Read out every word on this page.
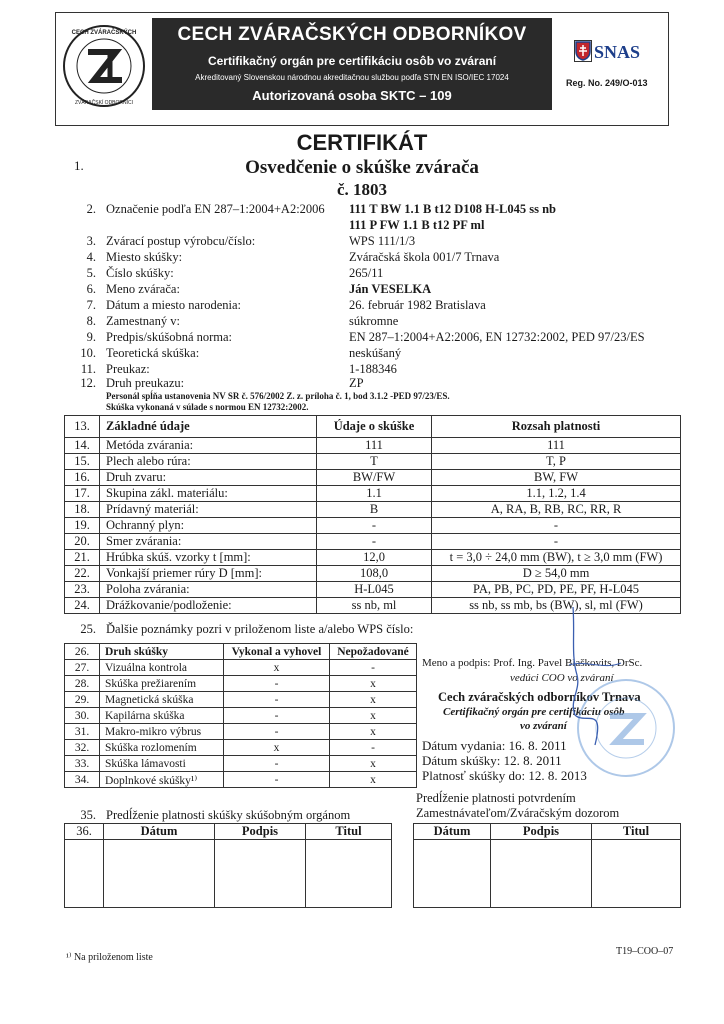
CECH ZVÁRAČSKÝCH
ZVÁRAČSKÍ ODBORNÍCI
CECH ZVÁRAČSKÝCH ODBORNÍKOV
Certifikačný orgán pre certifikáciu osôb vo zváraní
Akreditovaný Slovenskou národnou akreditačnou službou podľa STN EN ISO/IEC 17024
Autorizovaná osoba SKTC – 109
SNAS
Reg. No. 249/O-013
CERTIFIKÁT
1.	Osvedčenie o skúške zvárača
č. 1803
2. Označenie podľa EN 287–1:2004+A2:2006 111 T BW 1.1 B t12 D108 H-L045 ss nb
111 P FW 1.1 B t12 PF ml
3. Zvárací postup výrobcu/číslo:	WPS 111/1/3
4. Miesto skúšky:	Zváračská škola 001/7 Trnava
5. Číslo skúšky:	265/11
6. Meno zvárača:	Ján VESELKA
7. Dátum a miesto narodenia:	26. február 1982 Bratislava
8. Zamestnaný v:	súkromne
9. Predpis/skúšobná norma:	EN 287–1:2004+A2:2006, EN 12732:2002, PED 97/23/ES
10. Teoretická skúška:	neskúšaný
11. Preukaz:	1-188346
12. Druh preukazu:	ZP
Personál spĺňa ustanovenia NV SR č. 576/2002 Z. z. príloha č. 1, bod 3.1.2 -PED 97/23/ES.
Skúška vykonaná v súlade s normou EN 12732:2002.
13.	Základné údaje	Údaje o skúške	Rozsah platnosti
14.	Metóda zvárania:	111	111
15.	Plech alebo rúra:	T	T, P
16.	Druh zvaru:	BW/FW	BW, FW
17.	Skupina zákl. materiálu:	1.1	1.1, 1.2, 1.4
18.	Prídavný materiál:	B	A, RA, B, RB, RC, RR, R
19.	Ochranný plyn:	-	-
20.	Smer zvárania:	-	-
21.	Hrúbka skúš. vzorky t [mm]:	12,0	t = 3,0 ÷ 24,0 mm (BW), t ≥ 3,0 mm (FW)
22.	Vonkajší priemer rúry D [mm]:	108,0	D ≥ 54,0 mm
23.	Poloha zvárania:	H-L045	PA, PB, PC, PD, PE, PF, H-L045
24.	Drážkovanie/podloženie:	ss nb, ml	ss nb, ss mb, bs (BW), sl, ml (FW)
25. Ďalšie poznámky pozri v priloženom liste a/alebo WPS číslo:
26.	Druh skúšky	Vykonal a vyhovel	Nepožadované
27.	Vizuálna kontrola	x	-
28.	Skúška prežiarením	-	x
29.	Magnetická skúška	-	x
30.	Kapilárna skúška	-	x
31.	Makro-mikro výbrus	-	x
32.	Skúška rozlomením	x	-
33.	Skúška lámavosti	-	x
34.	Doplnkové skúšky¹⁾	-	x
Meno a podpis: Prof. Ing. Pavel Blaškovits, DrSc.
vedúci COO vo zváraní
Cech zváračských odborníkov Trnava
Certifikačný orgán pre certifikáciu osôb
vo zváraní
Dátum vydania: 16. 8. 2011
Dátum skúšky: 12. 8. 2011
Platnosť skúšky do: 12. 8. 2013
35. Predĺženie platnosti skúšky skúšobným orgánom
Predĺženie platnosti potvrdením
Zamestnávateľom/Zváračským dozorom
36.	Dátum	Podpis	Titul
				Dátum	Podpis	Titul

¹⁾ Na priloženom liste
T19–COO–07
